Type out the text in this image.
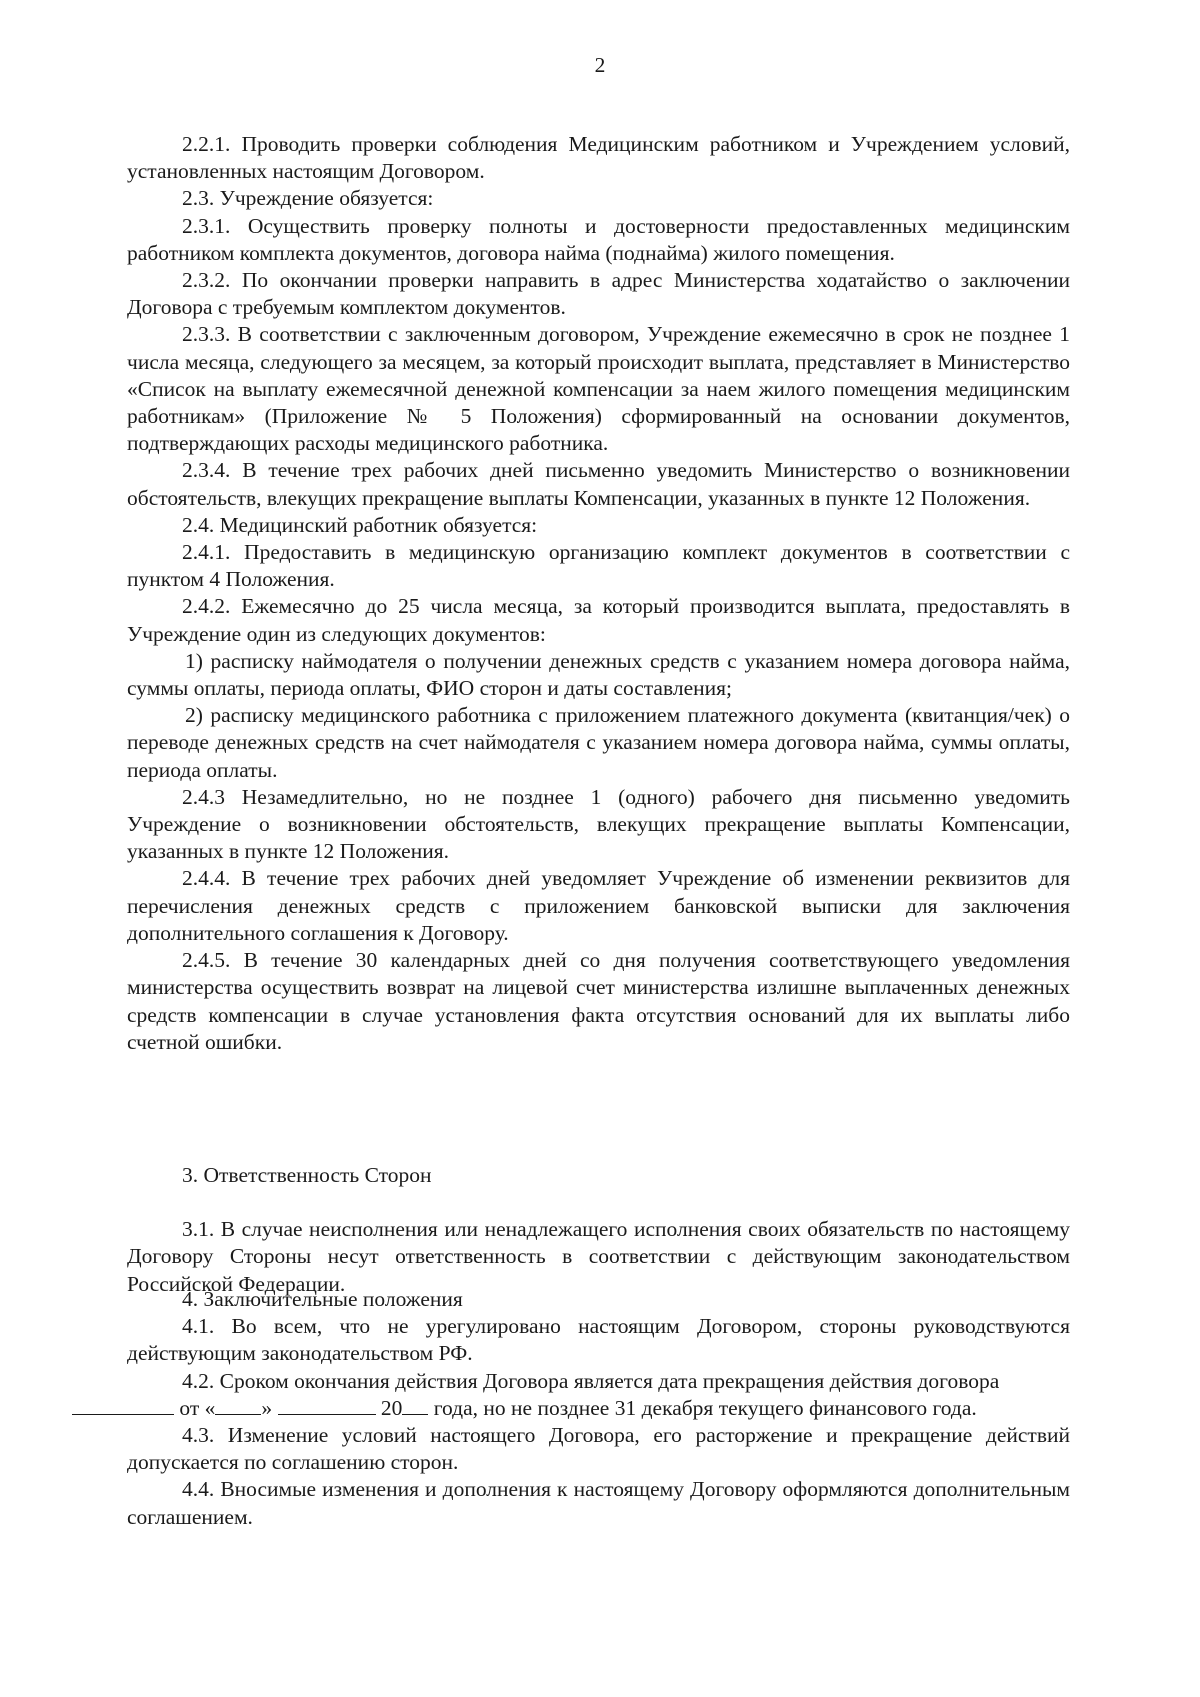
2

2.2.1. Проводить проверки соблюдения Медицинским работником и Учреждением условий, установленных настоящим Договором.

2.3. Учреждение обязуется:

2.3.1. Осуществить проверку полноты и достоверности предоставленных медицинским работником комплекта документов, договора найма (поднайма) жилого помещения.

2.3.2. По окончании проверки направить в адрес Министерства ходатайство о заключении Договора с требуемым комплектом документов.

2.3.3. В соответствии с заключенным договором, Учреждение ежемесячно в срок не позднее 1 числа месяца, следующего за месяцем, за который происходит выплата, представляет в Министерство «Список на выплату ежемесячной денежной компенсации за наем жилого помещения медицинским работникам» (Приложение № 5 Положения) сформированный на основании документов, подтверждающих расходы медицинского работника.

2.3.4. В течение трех рабочих дней письменно уведомить Министерство о возникновении обстоятельств, влекущих прекращение выплаты Компенсации, указанных в пункте 12 Положения.

2.4. Медицинский работник обязуется:

2.4.1. Предоставить в медицинскую организацию комплект документов в соответствии с пунктом 4 Положения.

2.4.2. Ежемесячно до 25 числа месяца, за который производится выплата, предоставлять в Учреждение один из следующих документов:

1) расписку наймодателя о получении денежных средств с указанием номера договора найма, суммы оплаты, периода оплаты, ФИО сторон и даты составления;

2) расписку медицинского работника с приложением платежного документа (квитанция/чек) о переводе денежных средств на счет наймодателя с указанием номера договора найма, суммы оплаты, периода оплаты.

2.4.3 Незамедлительно, но не позднее 1 (одного) рабочего дня письменно уведомить Учреждение о возникновении обстоятельств, влекущих прекращение выплаты Компенсации, указанных в пункте 12 Положения.

2.4.4. В течение трех рабочих дней уведомляет Учреждение об изменении реквизитов для перечисления денежных средств с приложением банковской выписки для заключения дополнительного соглашения к Договору.

2.4.5. В течение 30 календарных дней со дня получения соответствующего уведомления министерства осуществить возврат на лицевой счет министерства излишне выплаченных денежных средств компенсации в случае установления факта отсутствия оснований для их выплаты либо счетной ошибки.

3. Ответственность Сторон

3.1. В случае неисполнения или ненадлежащего исполнения своих обязательств по настоящему Договору Стороны несут ответственность в соответствии с действующим законодательством Российской Федерации.

4. Заключительные положения

4.1. Во всем, что не урегулировано настоящим Договором, стороны руководствуются действующим законодательством РФ.

4.2. Сроком окончания действия Договора является дата прекращения действия договора
от « »	20 года, но не позднее 31 декабря текущего финансового года.

4.3. Изменение условий настоящего Договора, его расторжение и прекращение действий допускается по соглашению сторон.

4.4. Вносимые изменения и дополнения к настоящему Договору оформляются дополнительным соглашением.
